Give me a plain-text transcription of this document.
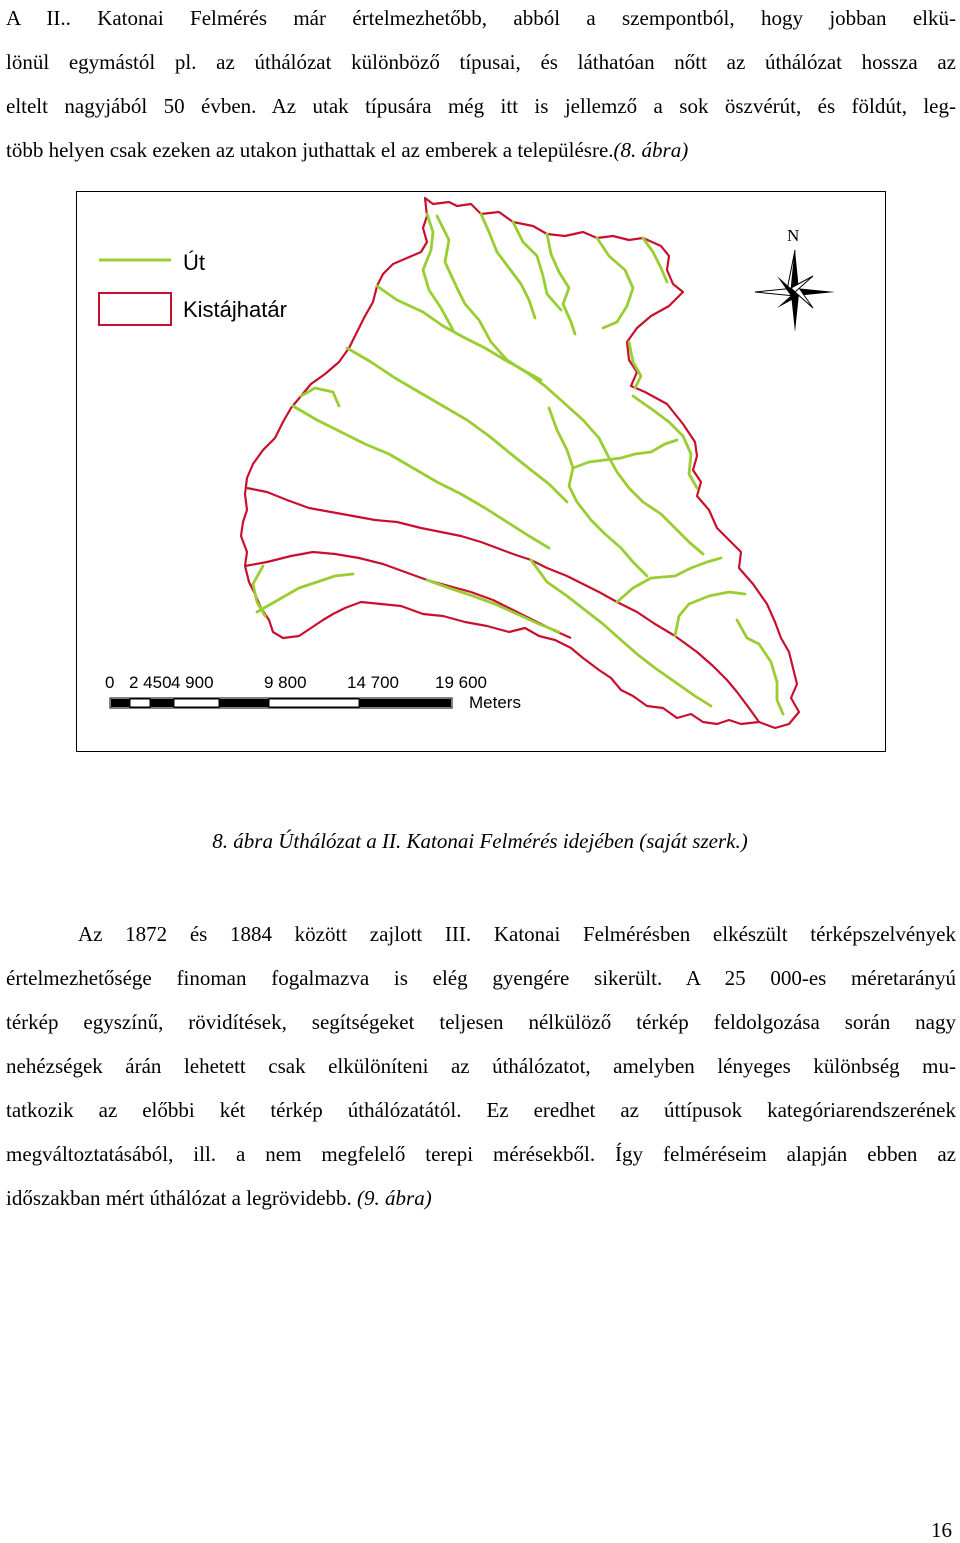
A II.. Katonai Felmérés már értelmezhetőbb, abból a szempontból, hogy jobban elkü-
lönül egymástól pl. az úthálózat különböző típusai, és láthatóan nőtt az úthálózat hossza az
eltelt nagyjából 50 évben. Az utak típusára még itt is jellemző a sok öszvérút, és földút, leg-
több helyen csak ezeken az utakon juthattak el az emberek a településre.(8. ábra)
Út
Kistájhatár
N
0 2 450 4 900	9 800 14 700 19 600
Meters

8. ábra Úthálózat a II. Katonai Felmérés idejében (saját szerk.)

Az 1872 és 1884 között zajlott III. Katonai Felmérésben elkészült térképszelvények
értelmezhetősége finoman fogalmazva is elég gyengére sikerült. A 25 000-es méretarányú
térkép egyszínű, rövidítések, segítségeket teljesen nélkülöző térkép feldolgozása során nagy
nehézségek árán lehetett csak elkülöníteni az úthálózatot, amelyben lényeges különbség mu-
tatkozik az előbbi két térkép úthálózatától. Ez eredhet az úttípusok kategóriarendszerének
megváltoztatásából, ill. a nem megfelelő terepi mérésekből. Így felméréseim alapján ebben az
időszakban mért úthálózat a legrövidebb. (9. ábra)
16
